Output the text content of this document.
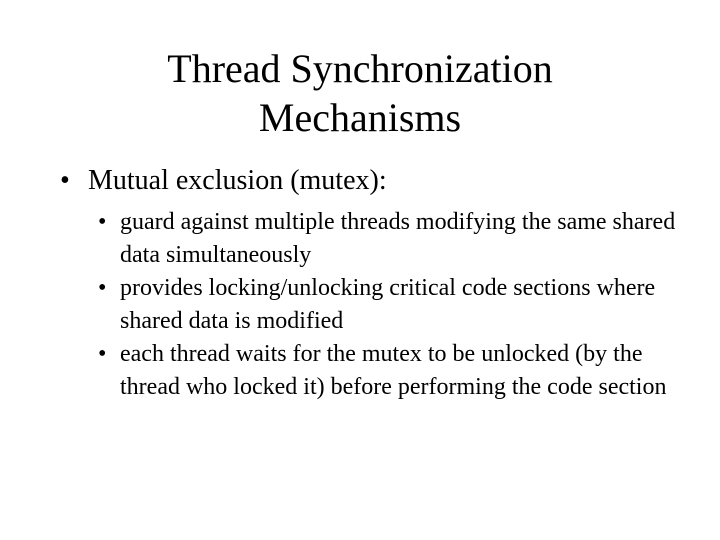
Thread Synchronization
Mechanisms
• Mutual exclusion (mutex):
• guard against multiple threads modifying the same shared data simultaneously
• provides locking/unlocking critical code sections where shared data is modified
• each thread waits for the mutex to be unlocked (by the thread who locked it) before performing the code section
